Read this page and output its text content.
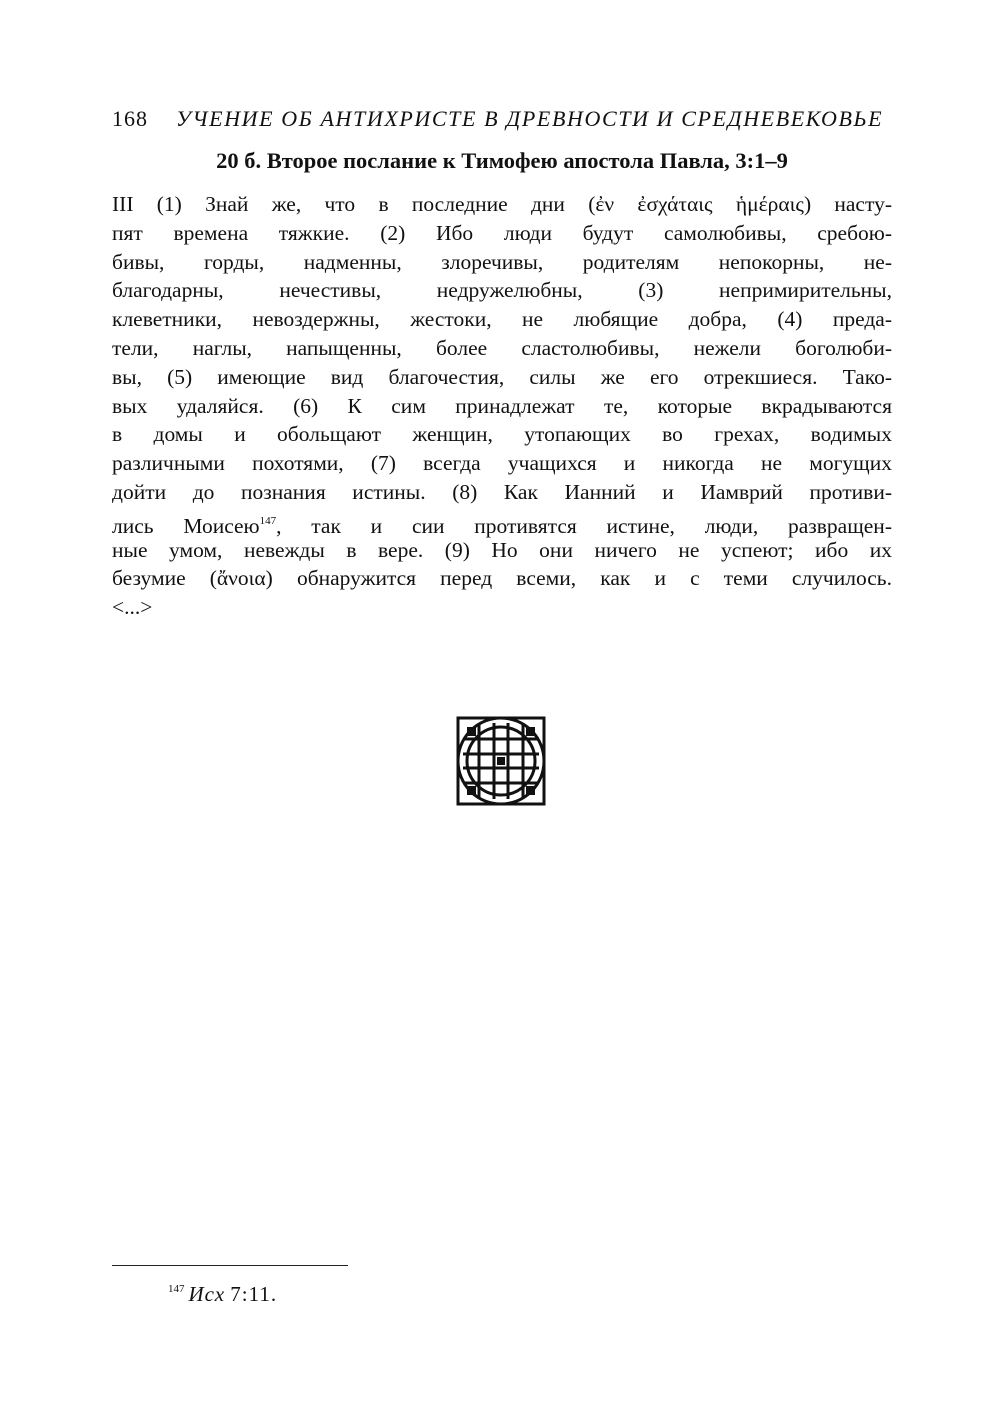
168 УЧЕНИЕ ОБ АНТИХРИСТЕ В ДРЕВНОСТИ И СРЕДНЕВЕКОВЬЕ
20 б. Второе послание к Тимофею апостола Павла, 3:1–9
III (1) Знай же, что в последние дни (ἐν ἐσχάταις ἡμέραις) насту-
пят времена тяжкие. (2) Ибо люди будут самолюбивы, сребою-
бивы, горды, надменны, злоречивы, родителям непокорны, не-
благодарны, нечестивы, недружелюбны, (3) непримирительны,
клеветники, невоздержны, жестоки, не любящие добра, (4) преда-
тели, наглы, напыщенны, более сластолюбивы, нежели боголюби-
вы, (5) имеющие вид благочестия, силы же его отрекшиеся. Тако-
вых удаляйся. (6) К сим принадлежат те, которые вкрадываются
в домы и обольщают женщин, утопающих во грехах, водимых
различными похотями, (7) всегда учащихся и никогда не могущих
дойти до познания истины. (8) Как Ианний и Иамврий противи-
лись Моисею$^{147}$, так и сии противятся истине, люди, развращен-
ные умом, невежды в вере. (9) Но они ничего не успеют; ибо их
безумие (ἄνοια) обнаружится перед всеми, как и с теми случилось.
<...>
$^{147}$ Исх 7:11.
